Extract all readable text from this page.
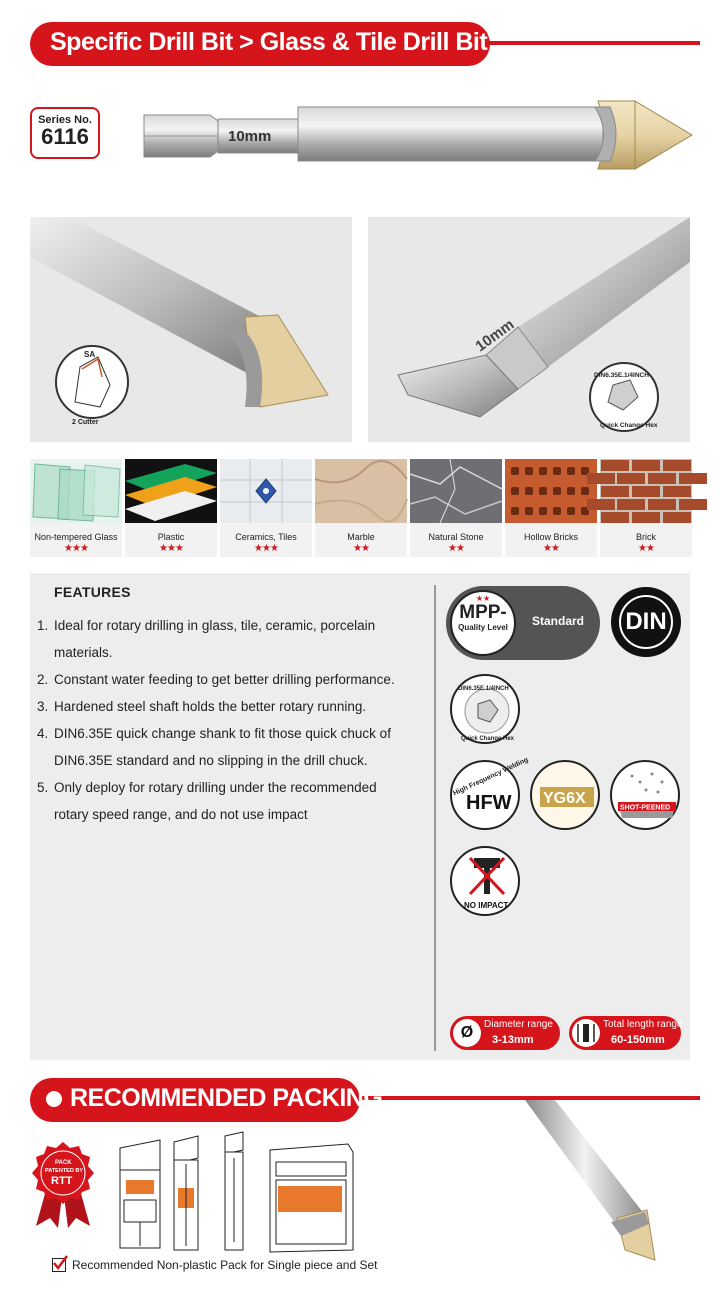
Specific Drill Bit > Glass & Tile Drill Bit
Series No.
6116	10mm
SA
2 Cutter
10mm
DIN6.35E.1/4INCH
Quick Change Hex
Non-tempered Glass
★★★
Plastic
★★★
Ceramics, Tiles
★★★
Marble
★★
Natural Stone
★★
Hollow Bricks
★★
Brick
★★
FEATURES
1. Ideal for rotary drilling in glass, tile, ceramic, porcelain
materials.
2. Constant water feeding to get better drilling performance.
3. Hardened steel shaft holds the better rotary running.
4. DIN6.35E quick change shank to fit those quick chuck of
DIN6.35E standard and no slipping in the drill chuck.
5. Only deploy for rotary drilling under the recommended
rotary speed range, and do not use impact
★★
MPP-
Quality Level	Standard DIN
DIN6.35E.1/4INCH
Quick Change Hex
High Frequency Welding
HFW YG6X
SHOT-PEENED
NO IMPACT
Ø	Diameter range
3-13mm
Total length range
60-150mm
RECOMMENDED PACKING
PACK
PATENTED BY
RTT
Recommended Non-plastic Pack for Single piece and Set
